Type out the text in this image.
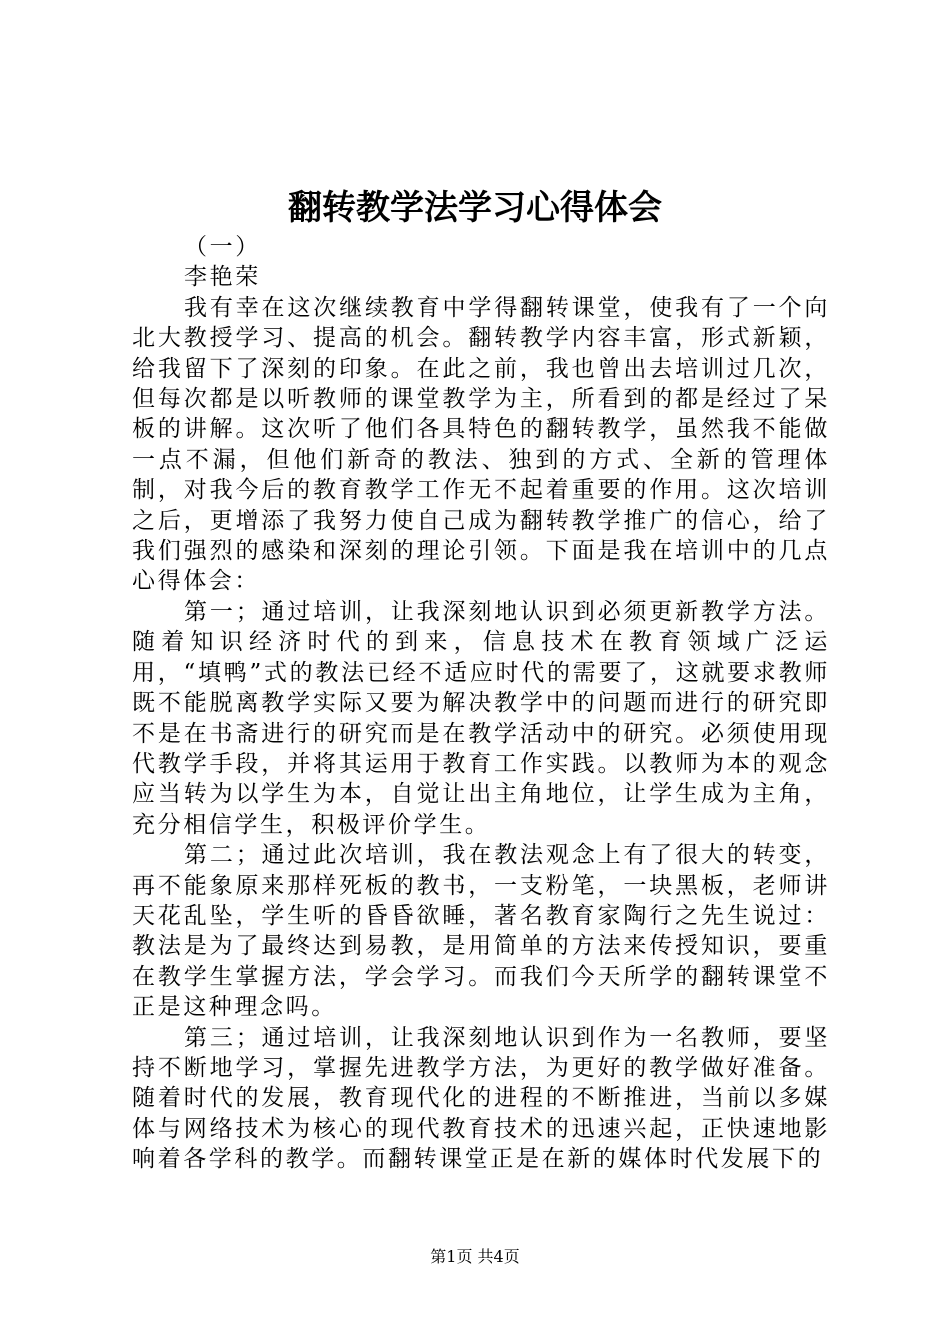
翻转教学法学习心得体会

（一）

李艳荣

我有幸在这次继续教育中学得翻转课堂，使我有了一个向北大教授学习、提高的机会。翻转教学内容丰富，形式新颖，给我留下了深刻的印象。在此之前，我也曾出去培训过几次，但每次都是以听教师的课堂教学为主，所看到的都是经过了呆板的讲解。这次听了他们各具特色的翻转教学，虽然我不能做一点不漏，但他们新奇的教法、独到的方式、全新的管理体制，对我今后的教育教学工作无不起着重要的作用。这次培训之后，更增添了我努力使自己成为翻转教学推广的信心，给了我们强烈的感染和深刻的理论引领。下面是我在培训中的几点心得体会：

第一；通过培训，让我深刻地认识到必须更新教学方法。随着知识经济时代的到来，信息技术在教育领域广泛运用，“填鸭”式的教法已经不适应时代的需要了，这就要求教师既不能脱离教学实际又要为解决教学中的问题而进行的研究即不是在书斋进行的研究而是在教学活动中的研究。必须使用现代教学手段，并将其运用于教育工作实践。以教师为本的观念应当转为以学生为本，自觉让出主角地位，让学生成为主角，充分相信学生，积极评价学生。

第二；通过此次培训，我在教法观念上有了很大的转变，再不能象原来那样死板的教书，一支粉笔，一块黑板，老师讲天花乱坠，学生听的昏昏欲睡，著名教育家陶行之先生说过：教法是为了最终达到易教，是用简单的方法来传授知识，要重在教学生掌握方法，学会学习。而我们今天所学的翻转课堂不正是这种理念吗。

第三；通过培训，让我深刻地认识到作为一名教师，要坚持不断地学习，掌握先进教学方法，为更好的教学做好准备。随着时代的发展，教育现代化的进程的不断推进，当前以多媒体与网络技术为核心的现代教育技术的迅速兴起，正快速地影响着各学科的教学。而翻转课堂正是在新的媒体时代发展下的

第1页 共4页
